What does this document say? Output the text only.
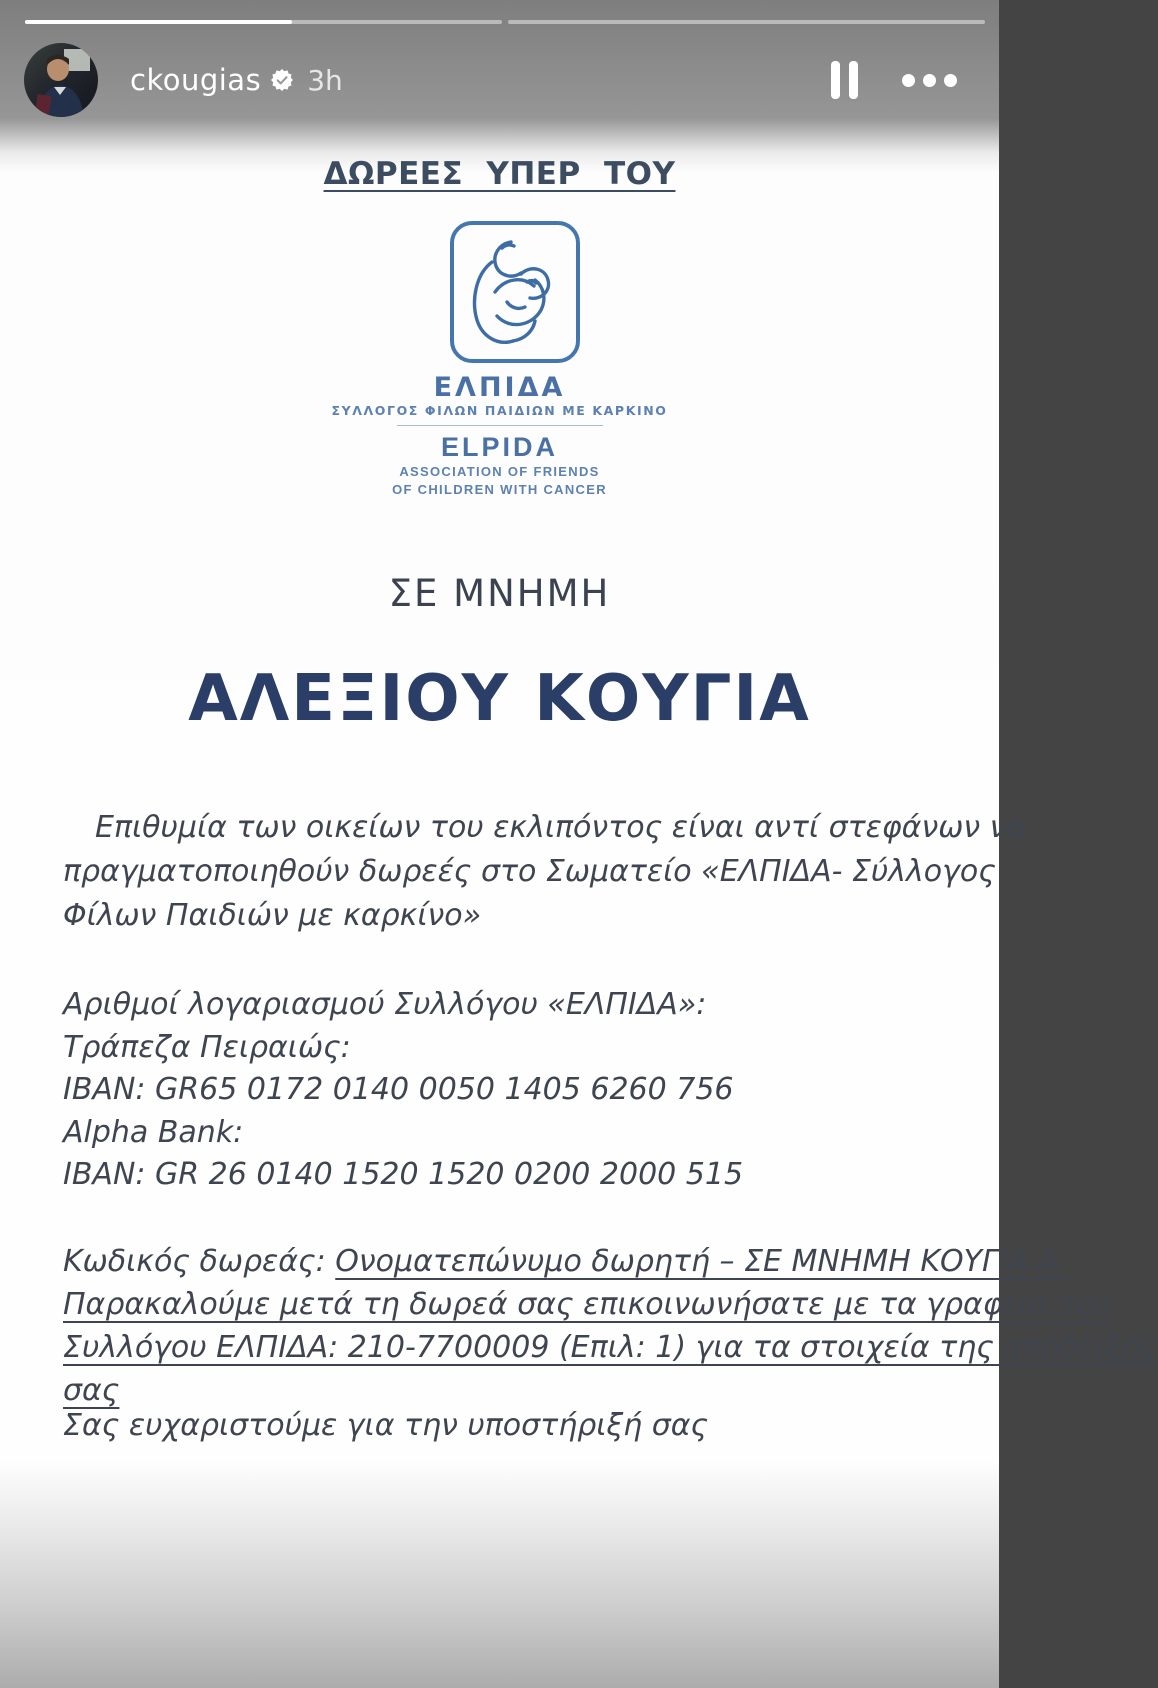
ckougias 3h
ΔΩΡΕΕΣ ΥΠΕΡ ΤΟΥ
ΕΛΠΙΔΑ
ΣΥΛΛΟΓΟΣ ΦΙΛΩΝ ΠΑΙΔΙΩΝ ΜΕ ΚΑΡΚΙΝΟ
ELPIDA
ASSOCIATION OF FRIENDS
OF CHILDREN WITH CANCER
ΣΕ ΜΝΗΜΗ
ΑΛΕΞΙΟΥ ΚΟΥΓΙΑ
Επιθυμία των οικείων του εκλιπόντος είναι αντί στεφάνων να
πραγματοποιηθούν δωρεές στο Σωματείο «ΕΛΠΙΔΑ- Σύλλογος
Φίλων Παιδιών με καρκίνο»
Αριθμοί λογαριασμού Συλλόγου «ΕΛΠΙΔΑ»:
Τράπεζα Πειραιώς:
IBAN: GR65 0172 0140 0050 1405 6260 756
Alpha Bank:
IBAN: GR 26 0140 1520 1520 0200 2000 515
Κωδικός δωρεάς: Ονοματεπώνυμο δωρητή – ΣΕ ΜΝΗΜΗ ΚΟΥΓΙΑ Α.
Παρακαλούμε μετά τη δωρεά σας επικοινωνήσατε με τα γραφεία του
Συλλόγου ΕΛΠΙΔΑ: 210-7700009 (Επιλ: 1) για τα στοιχεία της απόδειξής
σας
Σας ευχαριστούμε για την υποστήριξή σας
